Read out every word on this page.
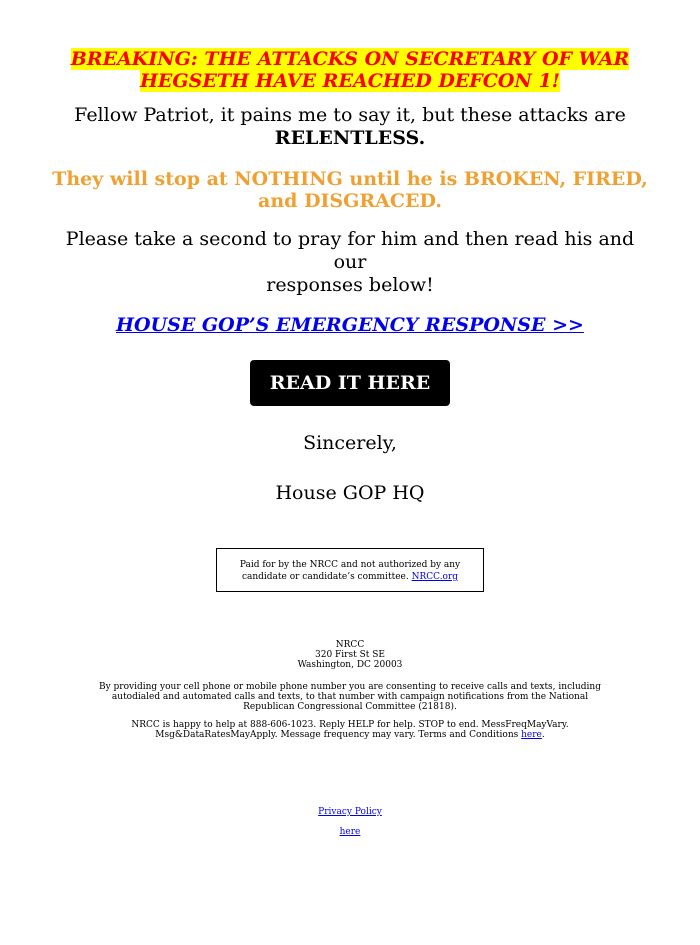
BREAKING: THE ATTACKS ON SECRETARY OF WAR
HEGSETH HAVE REACHED DEFCON 1!
Fellow Patriot, it pains me to say it, but these attacks are
RELENTLESS.
They will stop at NOTHING until he is BROKEN, FIRED,
and DISGRACED.
Please take a second to pray for him and then read his and our
responses below!
HOUSE GOP’S EMERGENCY RESPONSE >>
READ IT HERE
Sincerely,
House GOP HQ
Paid for by the NRCC and not authorized by any
candidate or candidate’s committee. NRCC.org
NRCC
320 First St SE
Washington, DC 20003
By providing your cell phone or mobile phone number you are consenting to receive calls and texts, including
autodialed and automated calls and texts, to that number with campaign notifications from the National
Republican Congressional Committee (21818).
NRCC is happy to help at 888-606-1023. Reply HELP for help. STOP to end. MessFreqMayVary.
Msg&DataRatesMayApply. Message frequency may vary. Terms and Conditions here.
Privacy Policy
here
